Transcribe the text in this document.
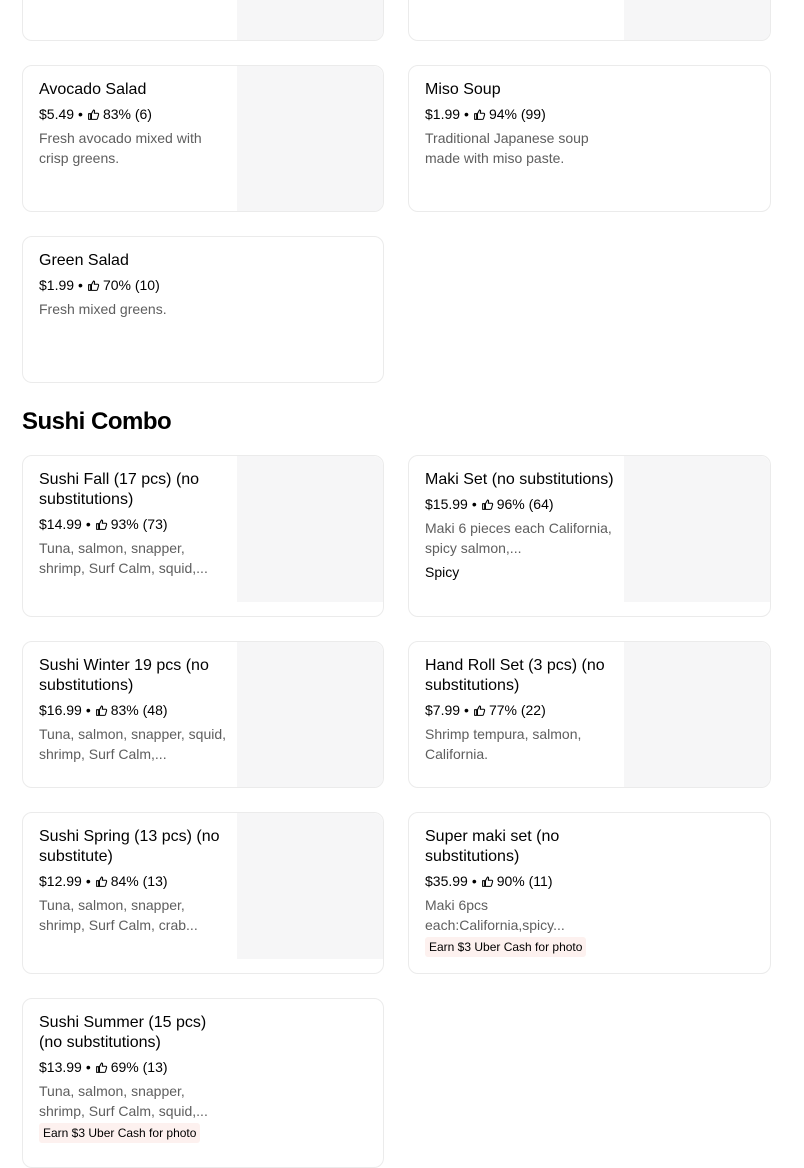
Avocado Salad
$5.49 • 83% (6)
Fresh avocado mixed with crisp greens.
Miso Soup
$1.99 • 94% (99)
Traditional Japanese soup made with miso paste.
Green Salad
$1.99 • 70% (10)
Fresh mixed greens.
Sushi Combo
Sushi Fall (17 pcs) (no substitutions)
$14.99 • 93% (73)
Tuna, salmon, snapper, shrimp, Surf Calm, squid,...
Maki Set (no substitutions)
$15.99 • 96% (64)
Maki 6 pieces each California, spicy salmon,...
Spicy
Sushi Winter 19 pcs (no substitutions)
$16.99 • 83% (48)
Tuna, salmon, snapper, squid, shrimp, Surf Calm,...
Hand Roll Set (3 pcs) (no substitutions)
$7.99 • 77% (22)
Shrimp tempura, salmon, California.
Sushi Spring (13 pcs) (no substitute)
$12.99 • 84% (13)
Tuna, salmon, snapper, shrimp, Surf Calm, crab...
Super maki set (no substitutions)
$35.99 • 90% (11)
Maki 6pcs each:California,spicy...
Earn $3 Uber Cash for photo
Sushi Summer (15 pcs) (no substitutions)
$13.99 • 69% (13)
Tuna, salmon, snapper, shrimp, Surf Calm, squid,...
Earn $3 Uber Cash for photo
